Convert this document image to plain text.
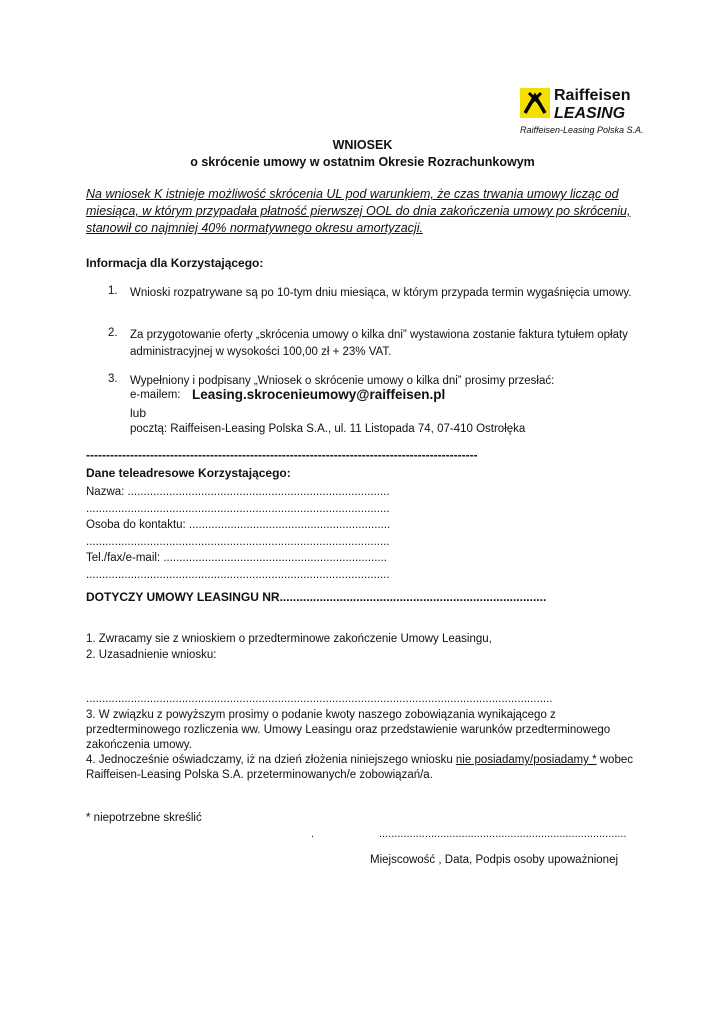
Raiffeisen
LEASING
Raiffeisen-Leasing Polska S.A.
WNIOSEK
o skrócenie umowy w ostatnim Okresie Rozrachunkowym
Na wniosek K istnieje możliwość skrócenia UL pod warunkiem, że czas trwania umowy licząc od miesiąca, w którym przypadała płatność pierwszej OOL do dnia zakończenia umowy po skróceniu, stanowił co najmniej 40% normatywnego okresu amortyzacji.
Informacja dla Korzystającego:
1.	Wnioski rozpatrywane są po 10-tym dniu miesiąca, w którym przypada termin wygaśnięcia umowy.
2.	Za przygotowanie oferty „skrócenia umowy o kilka dni” wystawiona zostanie faktura tytułem opłaty administracyjnej w wysokości 100,00 zł + 23% VAT.
3.	Wypełniony i podpisany „Wniosek o skrócenie umowy o kilka dni” prosimy przesłać:
e-mailem: Leasing.skrocenieumowy@raiffeisen.pl
lub
pocztą: Raiffeisen-Leasing Polska S.A., ul. 11 Listopada 74, 07-410 Ostrołęka
--------------------------------------------------------------------------------------------------
Dane teleadresowe Korzystającego:
Nazwa: ..................................................................................
...............................................................................................
Osoba do kontaktu: ...............................................................
...............................................................................................
Tel./fax/e-mail: ......................................................................
...............................................................................................
DOTYCZY UMOWY LEASINGU NR................................................................................
1. Zwracamy sie z wnioskiem o przedterminowe zakończenie Umowy Leasingu,
2. Uzasadnienie wniosku:
..................................................................................................................................................
3. W związku z powyższym prosimy o podanie kwoty naszego zobowiązania wynikającego z przedterminowego rozliczenia ww. Umowy Leasingu oraz przedstawienie warunków przedterminowego zakończenia umowy.
4. Jednocześnie oświadczamy, iż na dzień złożenia niniejszego wniosku nie posiadamy/posiadamy * wobec Raiffeisen-Leasing Polska S.A. przeterminowanych/e zobowiązań/a.
* niepotrzebne skreślić
.	.................................................................................
Miejscowość , Data, Podpis osoby upoważnionej
